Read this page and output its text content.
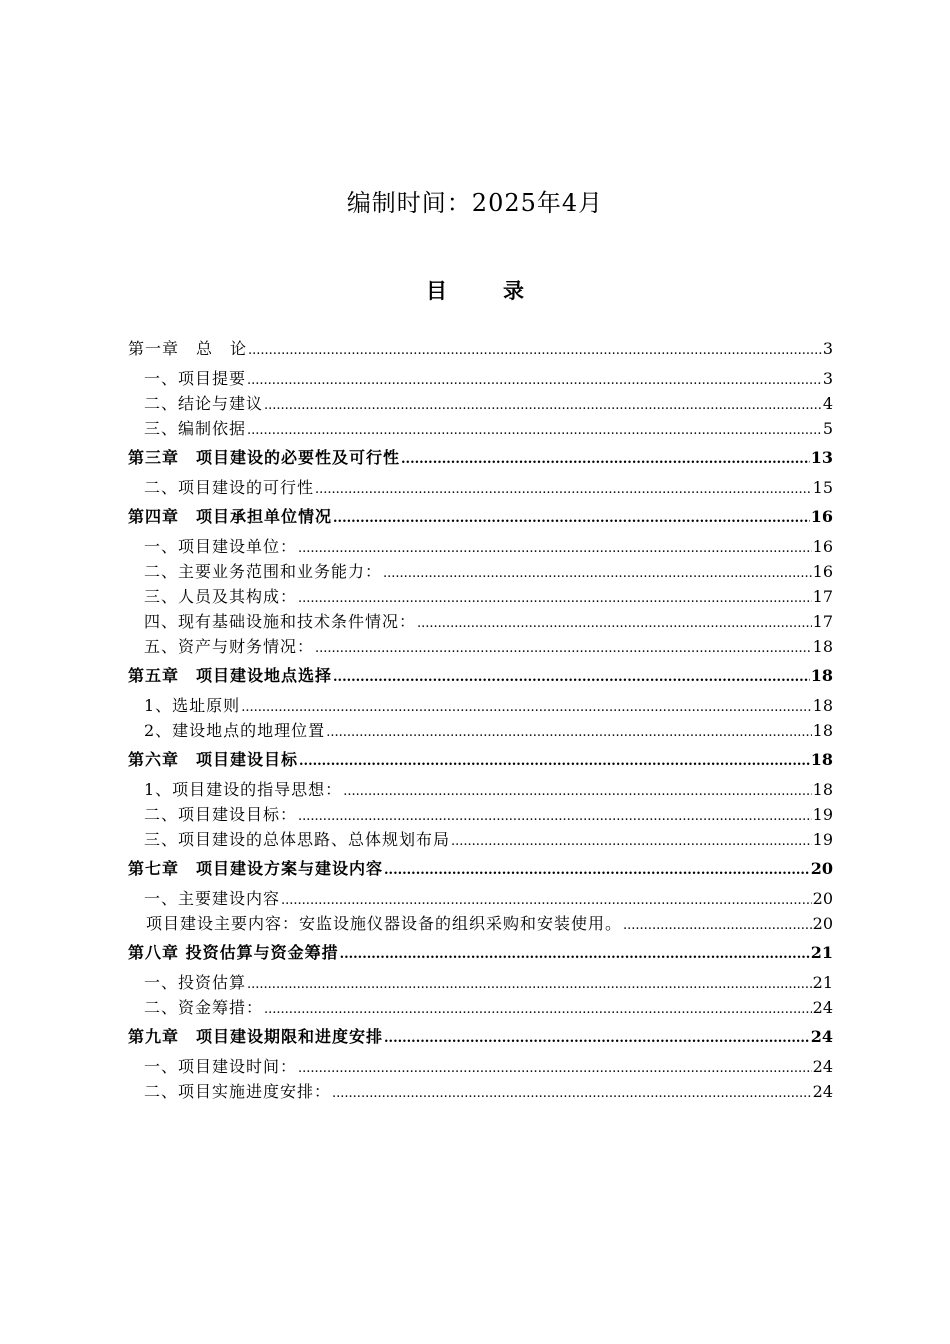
编制时间：2025年4月
目	录
第一章　总　论 .....	3
一、项目提要 .....	3
二、结论与建议 .....	4
三、编制依据 .....	5
第三章　项目建设的必要性及可行性 .....	13
二、项目建设的可行性 .....	15
第四章　项目承担单位情况 .....	16
一、项目建设单位： .....	16
二、主要业务范围和业务能力： .....	16
三、人员及其构成： .....	17
四、现有基础设施和技术条件情况： .....	17
五、资产与财务情况： .....	18
第五章　项目建设地点选择 .....	18
1、选址原则 .....	18
2、建设地点的地理位置 .....	18
第六章　项目建设目标 .....	18
1、项目建设的指导思想： .....	18
二、项目建设目标： .....	19
三、项目建设的总体思路、总体规划布局 .....	19
第七章　项目建设方案与建设内容 .....	20
一、主要建设内容 .....	20
项目建设主要内容：安监设施仪器设备的组织采购和安装使用。 .....	20
第八章 投资估算与资金筹措 .....	21
一、投资估算 .....	21
二、资金筹措： .....	24
第九章　项目建设期限和进度安排 .....	24
一、项目建设时间： .....	24
二、项目实施进度安排： .....	24
